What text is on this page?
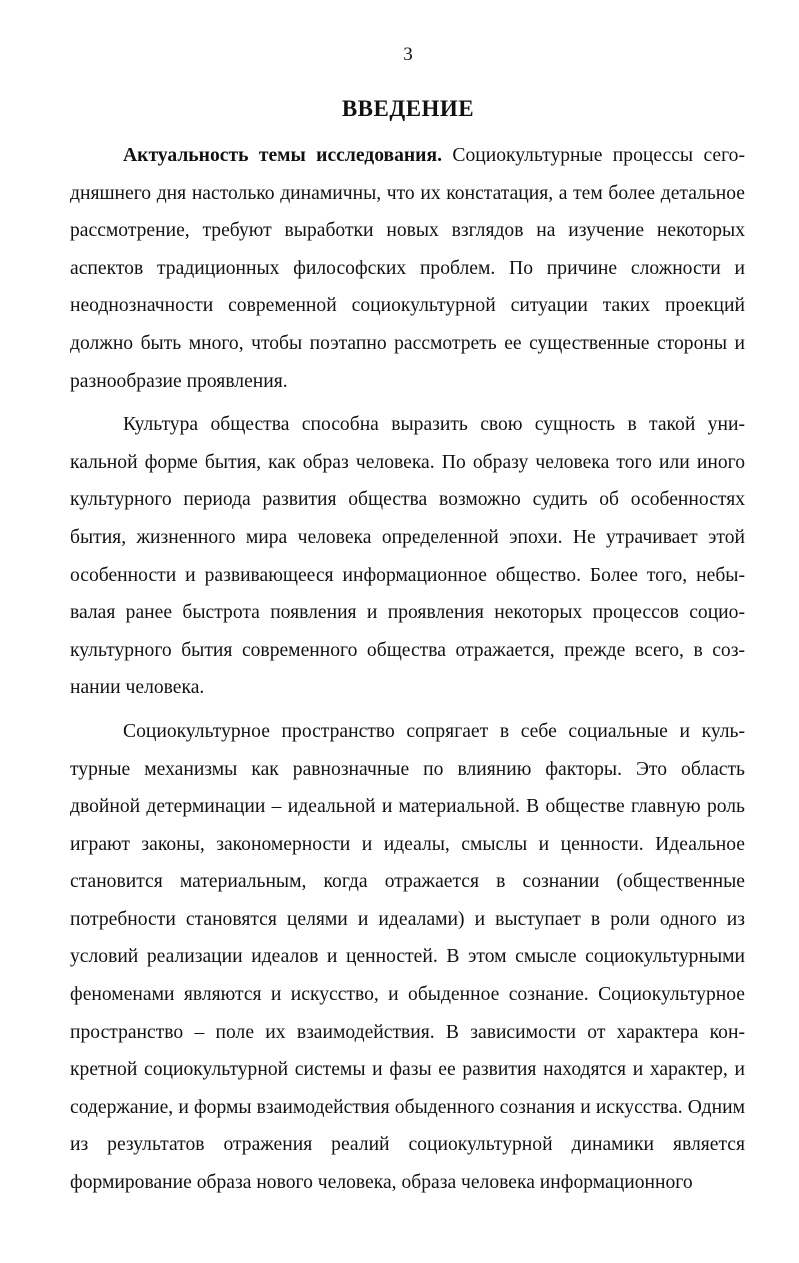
3
ВВЕДЕНИЕ

Актуальность темы исследования. Социокультурные процессы сегодняшнего дня настолько динамичны, что их констатация, а тем более детальное рассмотрение, требуют выработки новых взглядов на изучение некоторых аспектов традиционных философских проблем. По причине сложности и неоднозначности современной социокультурной ситуации таких проекций должно быть много, чтобы поэтапно рассмотреть ее существенные стороны и разнообразие проявления.

Культура общества способна выразить свою сущность в такой уникальной форме бытия, как образ человека. По образу человека того или иного культурного периода развития общества возможно судить об особенностях бытия, жизненного мира человека определенной эпохи. Не утрачивает этой особенности и развивающееся информационное общество. Более того, небывалая ранее быстрота появления и проявления некоторых процессов социокультурного бытия современного общества отражается, прежде всего, в сознании человека.

Социокультурное пространство сопрягает в себе социальные и культурные механизмы как равнозначные по влиянию факторы. Это область двойной детерминации – идеальной и материальной. В обществе главную роль играют законы, закономерности и идеалы, смыслы и ценности. Идеальное становится материальным, когда отражается в сознании (общественные потребности становятся целями и идеалами) и выступает в роли одного из условий реализации идеалов и ценностей. В этом смысле социокультурными феноменами являются и искусство, и обыденное сознание. Социокультурное пространство – поле их взаимодействия. В зависимости от характера конкретной социокультурной системы и фазы ее развития находятся и характер, и содержание, и формы взаимодействия обыденного сознания и искусства. Одним из результатов отражения реалий социокультурной динамики является формирование образа нового человека, образа человека информационного
